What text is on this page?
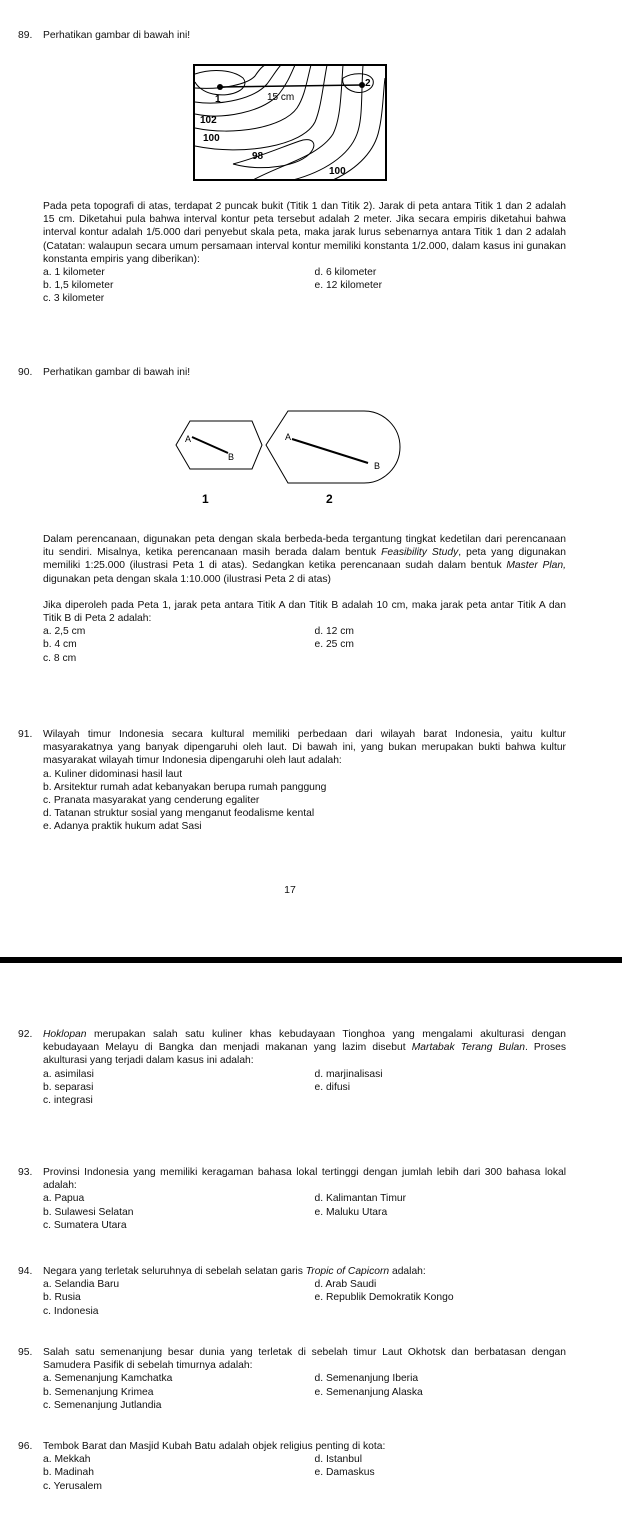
89.	Perhatikan gambar di bawah ini!
1
2
15 cm
102
100
98
100
Pada peta topografi di atas, terdapat 2 puncak bukit (Titik 1 dan Titik 2). Jarak di peta antara Titik 1 dan 2 adalah 15 cm. Diketahui pula bahwa interval kontur peta tersebut adalah 2 meter. Jika secara empiris diketahui bahwa interval kontur adalah 1/5.000 dari penyebut skala peta, maka jarak lurus sebenarnya antara Titik 1 dan 2 adalah (Catatan: walaupun secara umum persamaan interval kontur memiliki konstanta 1/2.000, dalam kasus ini gunakan konstanta empiris yang diberikan):
a. 1 kilometer	d. 6 kilometer
b. 1,5 kilometer	e. 12 kilometer
c. 3 kilometer
90.	Perhatikan gambar di bawah ini!
A
B
1
A
B
2
Dalam perencanaan, digunakan peta dengan skala berbeda-beda tergantung tingkat kedetilan dari perencanaan itu sendiri. Misalnya, ketika perencanaan masih berada dalam bentuk Feasibility Study, peta yang digunakan memiliki 1:25.000 (ilustrasi Peta 1 di atas). Sedangkan ketika perencanaan sudah dalam bentuk Master Plan, digunakan peta dengan skala 1:10.000 (ilustrasi Peta 2 di atas)
Jika diperoleh pada Peta 1, jarak peta antara Titik A dan Titik B adalah 10 cm, maka jarak peta antar Titik A dan Titik B di Peta 2 adalah:
a. 2,5 cm	d. 12 cm
b. 4 cm	e. 25 cm
c. 8 cm
91.	Wilayah timur Indonesia secara kultural memiliki perbedaan dari wilayah barat Indonesia, yaitu kultur masyarakatnya yang banyak dipengaruhi oleh laut. Di bawah ini, yang bukan merupakan bukti bahwa kultur masyarakat wilayah timur Indonesia dipengaruhi oleh laut adalah:
a. Kuliner didominasi hasil laut
b. Arsitektur rumah adat kebanyakan berupa rumah panggung
c. Pranata masyarakat yang cenderung egaliter
d. Tatanan struktur sosial yang menganut feodalisme kental
e. Adanya praktik hukum adat Sasi
17
92.	Hoklopan merupakan salah satu kuliner khas kebudayaan Tionghoa yang mengalami akulturasi dengan kebudayaan Melayu di Bangka dan menjadi makanan yang lazim disebut Martabak Terang Bulan. Proses akulturasi yang terjadi dalam kasus ini adalah:
a. asimilasi	d. marjinalisasi
b. separasi	e. difusi
c. integrasi
93.	Provinsi Indonesia yang memiliki keragaman bahasa lokal tertinggi dengan jumlah lebih dari 300 bahasa lokal adalah:
a. Papua	d. Kalimantan Timur
b. Sulawesi Selatan	e. Maluku Utara
c. Sumatera Utara
94.	Negara yang terletak seluruhnya di sebelah selatan garis Tropic of Capicorn adalah:
a. Selandia Baru	d. Arab Saudi
b. Rusia	e. Republik Demokratik Kongo
c. Indonesia
95.	Salah satu semenanjung besar dunia yang terletak di sebelah timur Laut Okhotsk dan berbatasan dengan Samudera Pasifik di sebelah timurnya adalah:
a. Semenanjung Kamchatka	d. Semenanjung Iberia
b. Semenanjung Krimea	e. Semenanjung Alaska
c. Semenanjung Jutlandia
96.	Tembok Barat dan Masjid Kubah Batu adalah objek religius penting di kota:
a. Mekkah	d. Istanbul
b. Madinah	e. Damaskus
c. Yerusalem
